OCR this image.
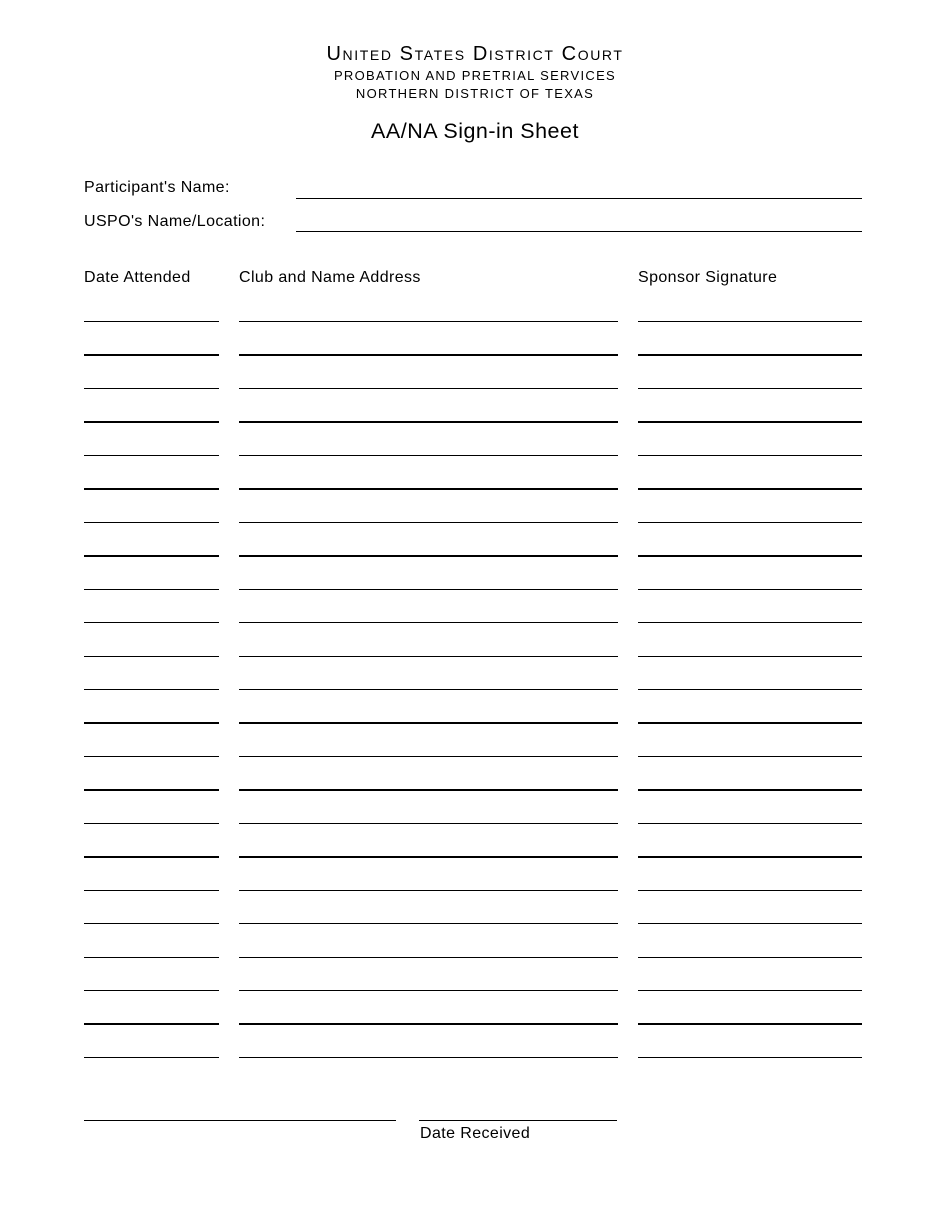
United States District Court
PROBATION AND PRETRIAL SERVICES
NORTHERN DISTRICT OF TEXAS
AA/NA Sign-in Sheet
Participant's Name:
USPO's Name/Location:
Date Attended	Club and Name Address	Sponsor Signature
Date Received
